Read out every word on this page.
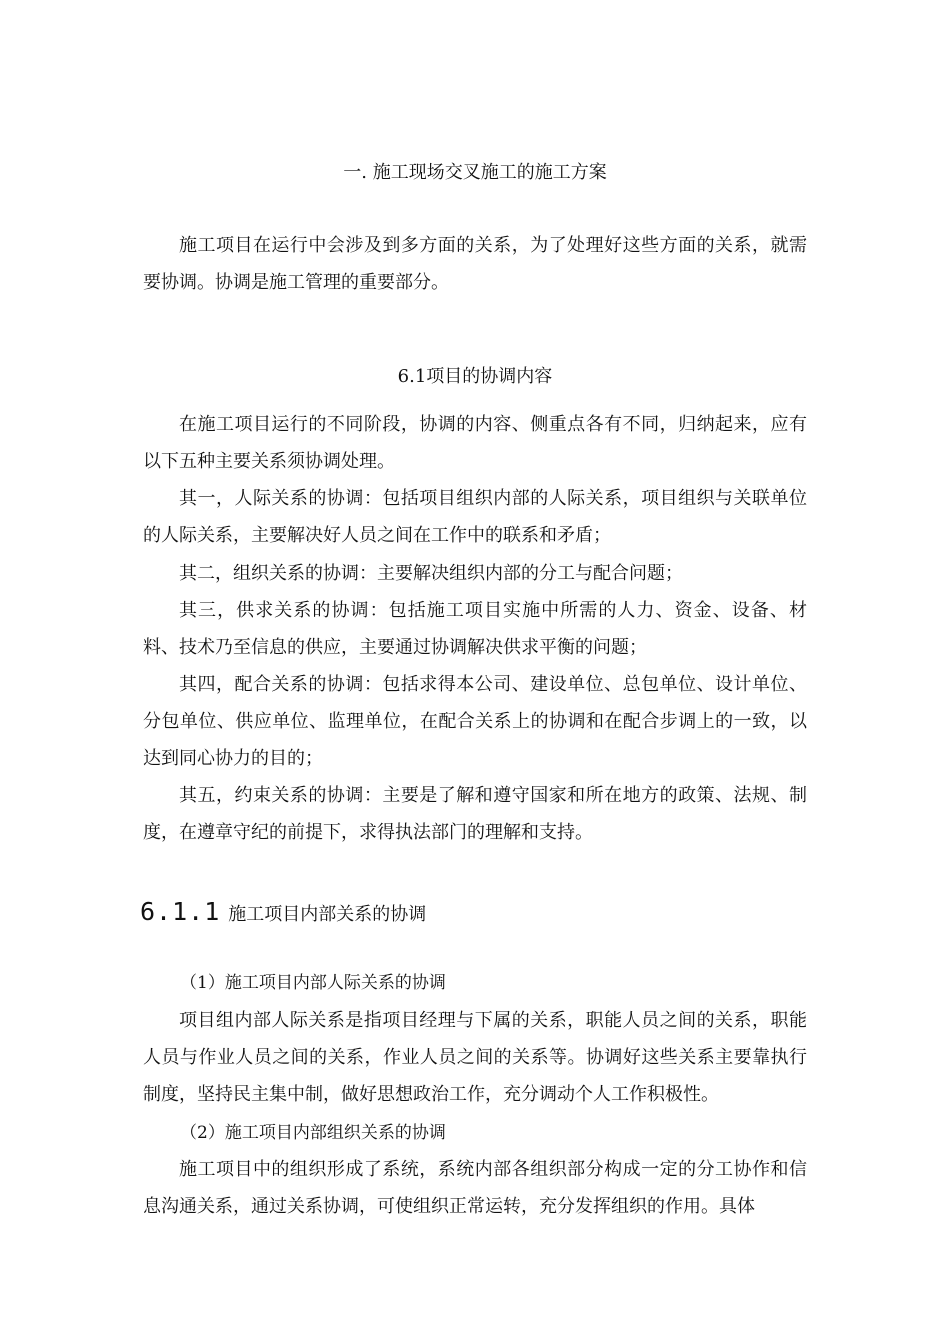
一. 施工现场交叉施工的施工方案

施工项目在运行中会涉及到多方面的关系，为了处理好这些方面的关系，就需要协调。协调是施工管理的重要部分。

6.1项目的协调内容

在施工项目运行的不同阶段，协调的内容、侧重点各有不同，归纳起来，应有以下五种主要关系须协调处理。

其一，人际关系的协调：包括项目组织内部的人际关系，项目组织与关联单位的人际关系，主要解决好人员之间在工作中的联系和矛盾；

其二，组织关系的协调：主要解决组织内部的分工与配合问题；

其三，供求关系的协调：包括施工项目实施中所需的人力、资金、设备、材料、技术乃至信息的供应，主要通过协调解决供求平衡的问题；

其四，配合关系的协调：包括求得本公司、建设单位、总包单位、设计单位、分包单位、供应单位、监理单位，在配合关系上的协调和在配合步调上的一致，以达到同心协力的目的；

其五，约束关系的协调：主要是了解和遵守国家和所在地方的政策、法规、制度，在遵章守纪的前提下，求得执法部门的理解和支持。

6.1.1 施工项目内部关系的协调
（1）施工项目内部人际关系的协调

项目组内部人际关系是指项目经理与下属的关系，职能人员之间的关系，职能人员与作业人员之间的关系，作业人员之间的关系等。协调好这些关系主要靠执行制度，坚持民主集中制，做好思想政治工作，充分调动个人工作积极性。

（2）施工项目内部组织关系的协调

施工项目中的组织形成了系统，系统内部各组织部分构成一定的分工协作和信息沟通关系，通过关系协调，可使组织正常运转，充分发挥组织的作用。具体
